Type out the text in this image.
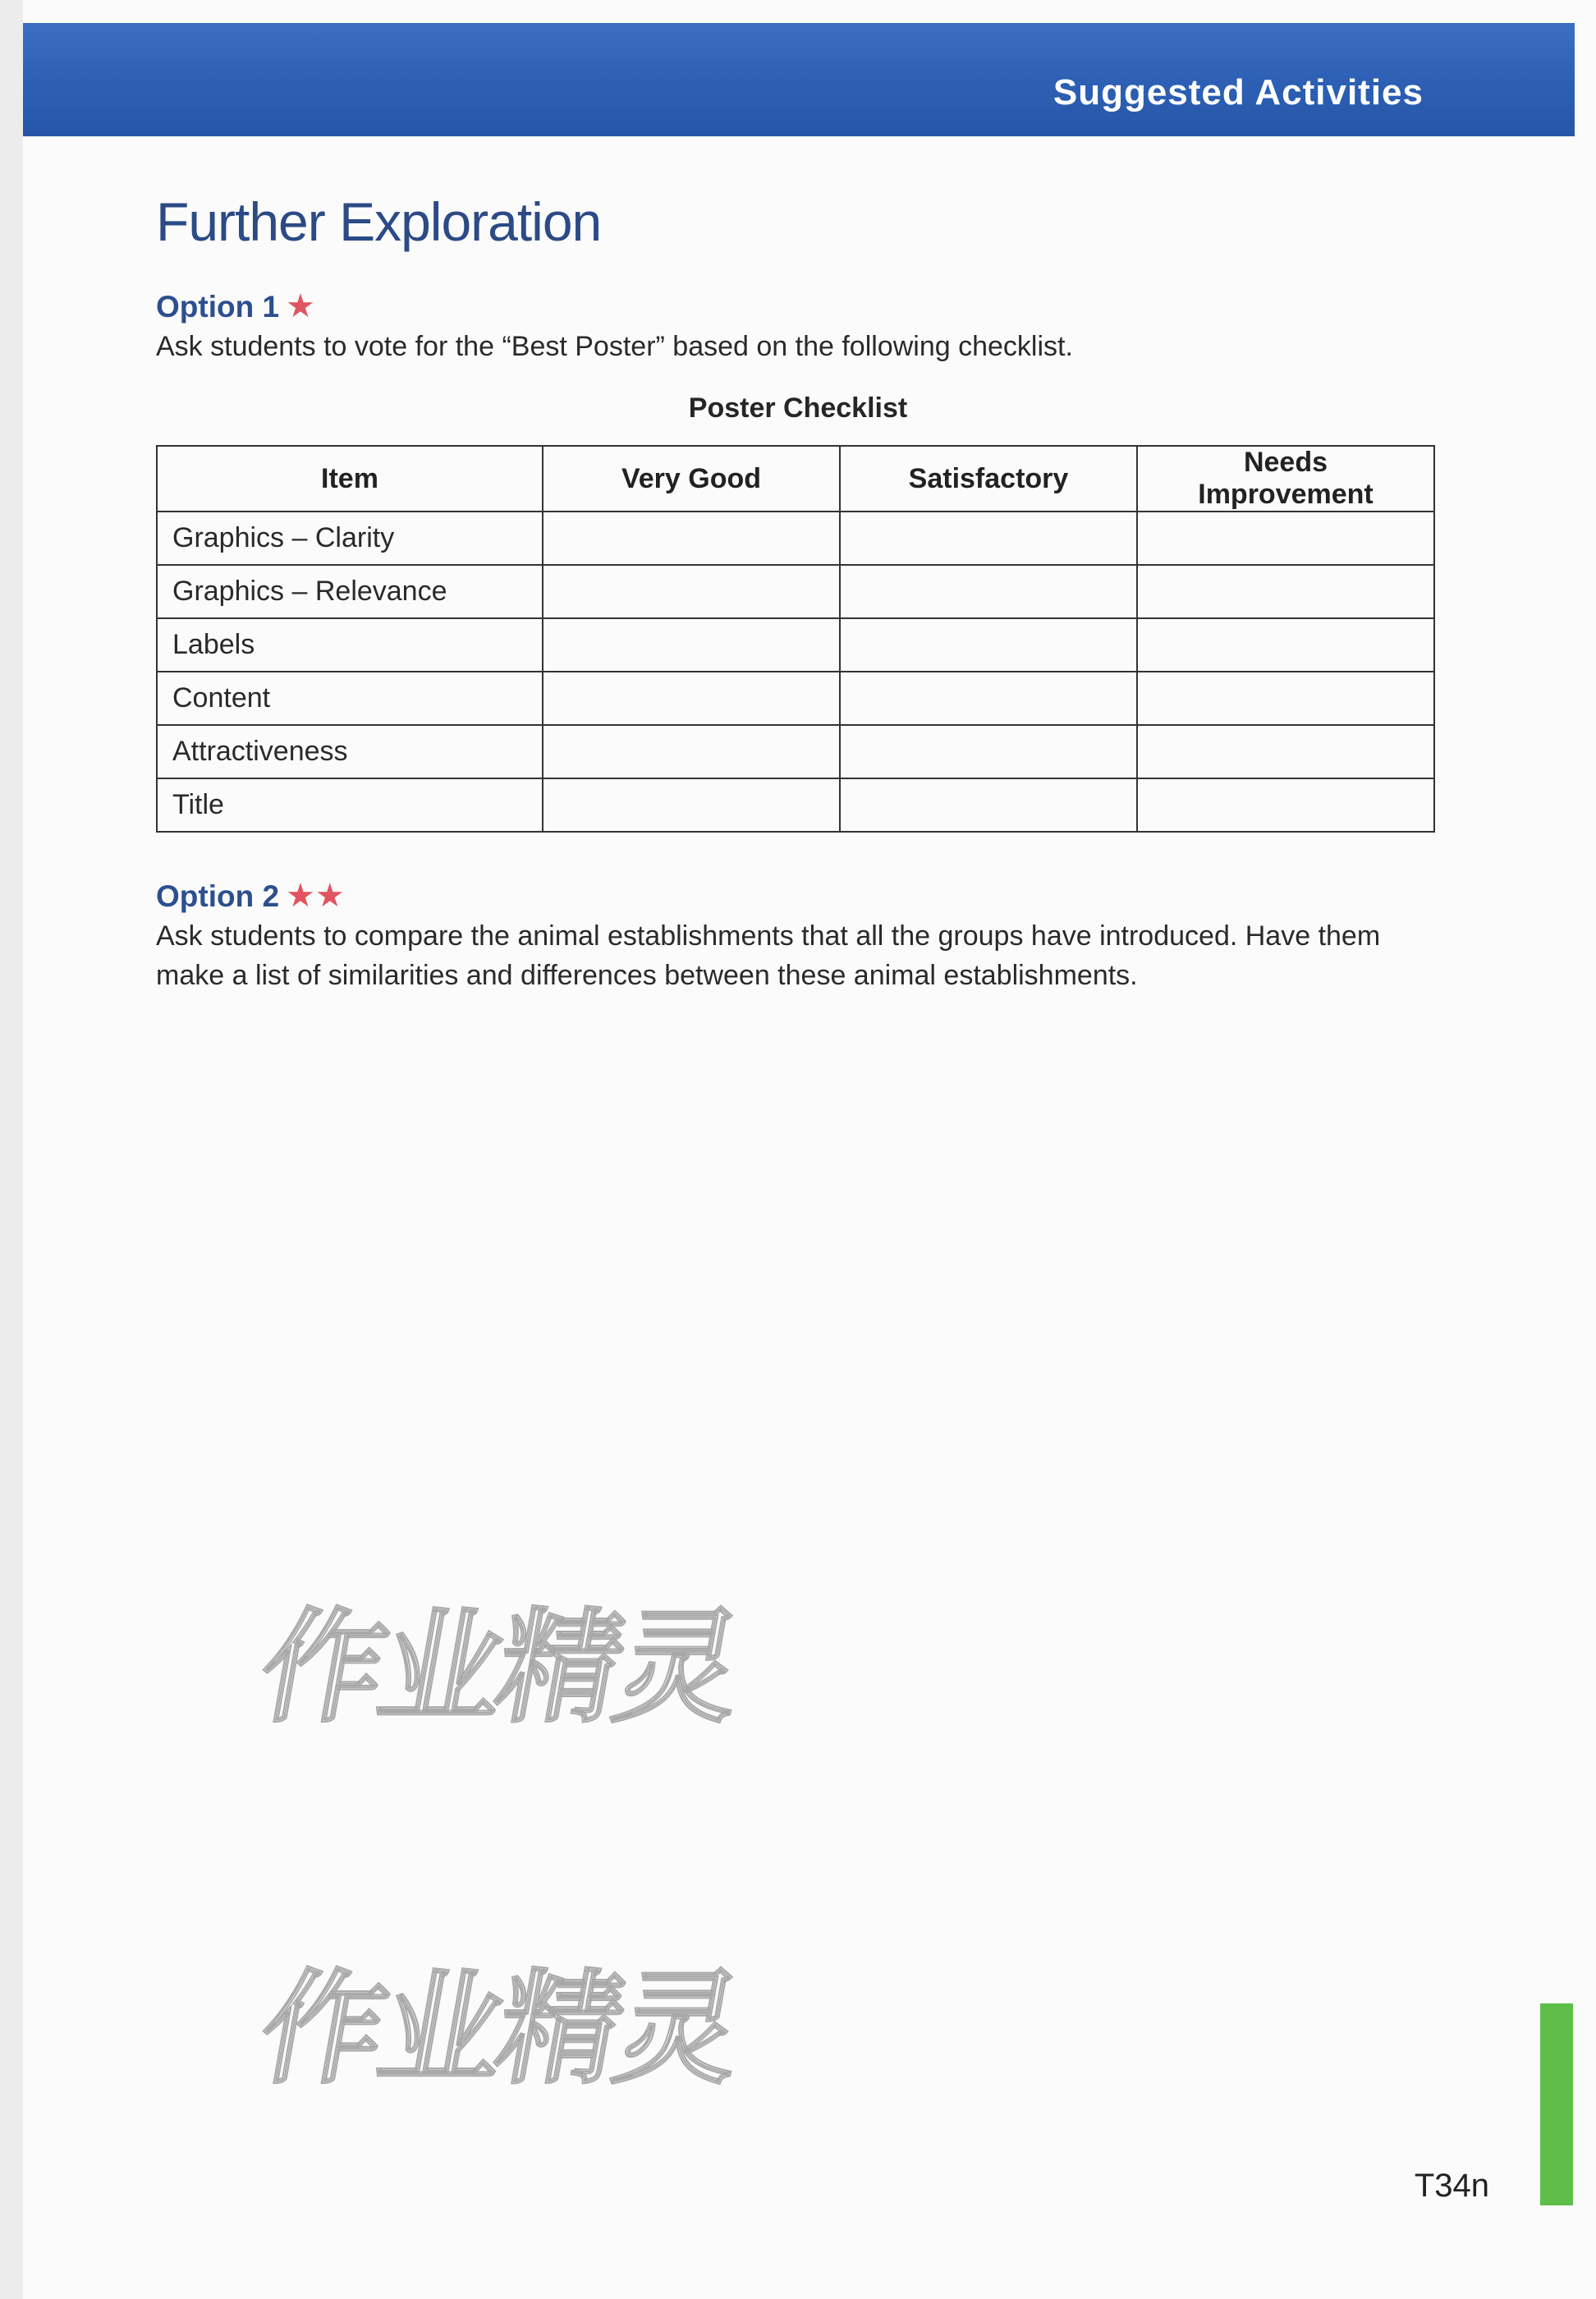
Suggested Activities
Further Exploration
Option 1 ★
Ask students to vote for the “Best Poster” based on the following checklist.
Poster Checklist
Item	Very Good	Satisfactory	Needs Improvement
Graphics – Clarity			
Graphics – Relevance			
Labels			
Content			
Attractiveness			
Title			
Option 2 ★★
Ask students to compare the animal establishments that all the groups have introduced. Have them
make a list of similarities and differences between these animal establishments.
作业精灵
作业精灵
T34n
